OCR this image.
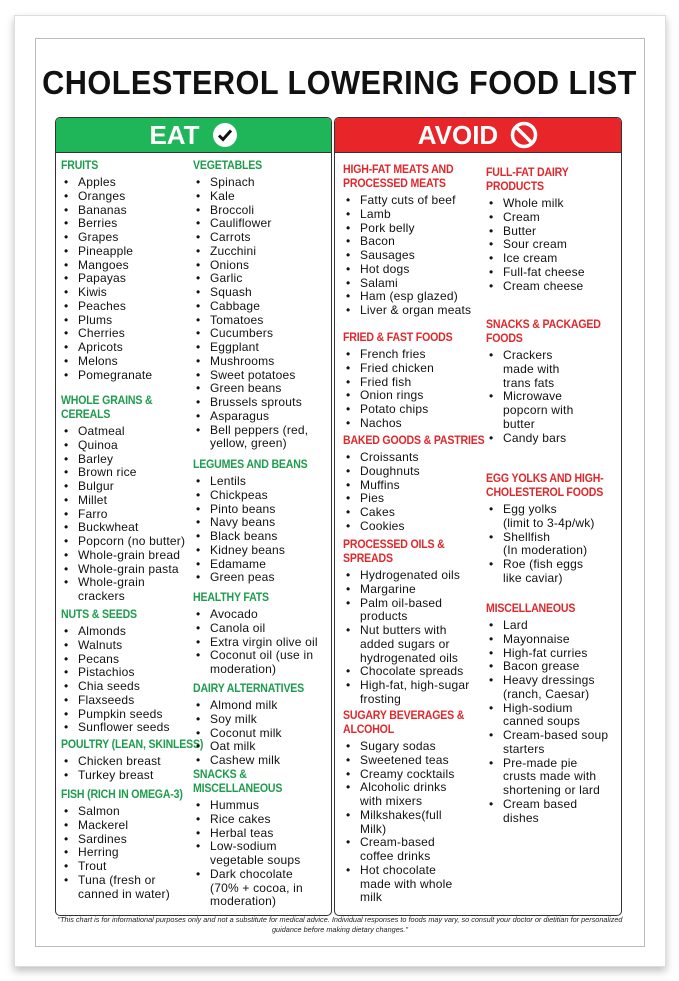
CHOLESTEROL LOWERING FOOD LIST
EAT	AVOID
"This chart is for informational purposes only and not a substitute for medical advice. Individual responses to foods may vary, so consult your doctor or dietitian for personalized guidance before making dietary changes."
FRUITS
• Apples
• Oranges
• Bananas
• Berries
• Grapes
• Pineapple
• Mangoes
• Papayas
• Kiwis
• Peaches
• Plums
• Cherries
• Apricots
• Melons
• Pomegranate
WHOLE GRAINS &
CEREALS
• Oatmeal
• Quinoa
• Barley
• Brown rice
• Bulgur
• Millet
• Farro
• Buckwheat
• Popcorn (no butter)
• Whole-grain bread
• Whole-grain pasta
• Whole-grain
crackers
NUTS & SEEDS
• Almonds
• Walnuts
• Pecans
• Pistachios
• Chia seeds
• Flaxseeds
• Pumpkin seeds
• Sunflower seeds
POULTRY (LEAN, SKINLESS)
• Chicken breast
• Turkey breast
FISH (RICH IN OMEGA-3)
• Salmon
• Mackerel
• Sardines
• Herring
• Trout
• Tuna (fresh or
canned in water)
VEGETABLES
• Spinach
• Kale
• Broccoli
• Cauliflower
• Carrots
• Zucchini
• Onions
• Garlic
• Squash
• Cabbage
• Tomatoes
• Cucumbers
• Eggplant
• Mushrooms
• Sweet potatoes
• Green beans
• Brussels sprouts
• Asparagus
• Bell peppers (red,
yellow, green)
LEGUMES AND BEANS
• Lentils
• Chickpeas
• Pinto beans
• Navy beans
• Black beans
• Kidney beans
• Edamame
• Green peas
HEALTHY FATS
• Avocado
• Canola oil
• Extra virgin olive oil
• Coconut oil (use in
moderation)
DAIRY ALTERNATIVES
• Almond milk
• Soy milk
• Coconut milk
• Oat milk
• Cashew milk
SNACKS &
MISCELLANEOUS
• Hummus
• Rice cakes
• Herbal teas
• Low-sodium
vegetable soups
• Dark chocolate
(70% + cocoa, in
moderation)
HIGH-FAT MEATS AND
PROCESSED MEATS
• Fatty cuts of beef
• Lamb
• Pork belly
• Bacon
• Sausages
• Hot dogs
• Salami
• Ham (esp glazed)
• Liver & organ meats
FRIED & FAST FOODS
• French fries
• Fried chicken
• Fried fish
• Onion rings
• Potato chips
• Nachos
BAKED GOODS & PASTRIES
• Croissants
• Doughnuts
• Muffins
• Pies
• Cakes
• Cookies
PROCESSED OILS &
SPREADS
• Hydrogenated oils
• Margarine
• Palm oil-based
products
• Nut butters with
added sugars or
hydrogenated oils
• Chocolate spreads
• High-fat, high-sugar
frosting
SUGARY BEVERAGES &
ALCOHOL
• Sugary sodas
• Sweetened teas
• Creamy cocktails
• Alcoholic drinks
with mixers
• Milkshakes(full
Milk)
• Cream-based
coffee drinks
• Hot chocolate
made with whole
milk
FULL-FAT DAIRY
PRODUCTS
• Whole milk
• Cream
• Butter
• Sour cream
• Ice cream
• Full-fat cheese
• Cream cheese
SNACKS & PACKAGED
FOODS
• Crackers
made with
trans fats
• Microwave
popcorn with
butter
• Candy bars
EGG YOLKS AND HIGH-
CHOLESTEROL FOODS
• Egg yolks
(limit to 3-4p/wk)
• Shellfish
(In moderation)
• Roe (fish eggs
like caviar)
MISCELLANEOUS
• Lard
• Mayonnaise
• High-fat curries
• Bacon grease
• Heavy dressings
(ranch, Caesar)
• High-sodium
canned soups
• Cream-based soup
starters
• Pre-made pie
crusts made with
shortening or lard
• Cream based
dishes
